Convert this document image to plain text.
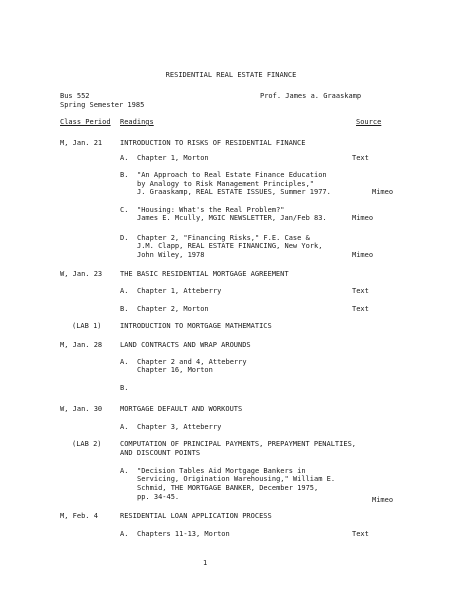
RESIDENTIAL REAL ESTATE FINANCE
Bus 552	Prof. James a. Graaskamp
Spring Semester 1985
Class Period Readings	Source
M, Jan. 21	INTRODUCTION TO RISKS OF RESIDENTIAL FINANCE
A. Chapter 1, Morton	Text
B. "An Approach to Real Estate Finance Education
by Analogy to Risk Management Principles,"
J. Graaskamp, REAL ESTATE ISSUES, Summer 1977.	Mimeo
C. "Housing: What's the Real Problem?"
James E. Mcully, MGIC NEWSLETTER, Jan/Feb 83.	Mimeo
D. Chapter 2, "Financing Risks," F.E. Case &
J.M. Clapp, REAL ESTATE FINANCING, New York,
John Wiley, 1978	Mimeo
W, Jan. 23	THE BASIC RESIDENTIAL MORTGAGE AGREEMENT
A. Chapter 1, Atteberry	Text
B. Chapter 2, Morton	Text
(LAB 1)	INTRODUCTION TO MORTGAGE MATHEMATICS
M, Jan. 28	LAND CONTRACTS AND WRAP AROUNDS
A. Chapter 2 and 4, Atteberry
Chapter 16, Morton
B.
W, Jan. 30	MORTGAGE DEFAULT AND WORKOUTS
A. Chapter 3, Atteberry
(LAB 2)	COMPUTATION OF PRINCIPAL PAYMENTS, PREPAYMENT PENALTIES,
AND DISCOUNT POINTS
A. "Decision Tables Aid Mortgage Bankers in
Servicing, Origination Warehousing," William E.
Schmid, THE MORTGAGE BANKER, December 1975,
pp. 34-45.	Mimeo
M, Feb. 4	RESIDENTIAL LOAN APPLICATION PROCESS
A. Chapters 11-13, Morton	Text
1
